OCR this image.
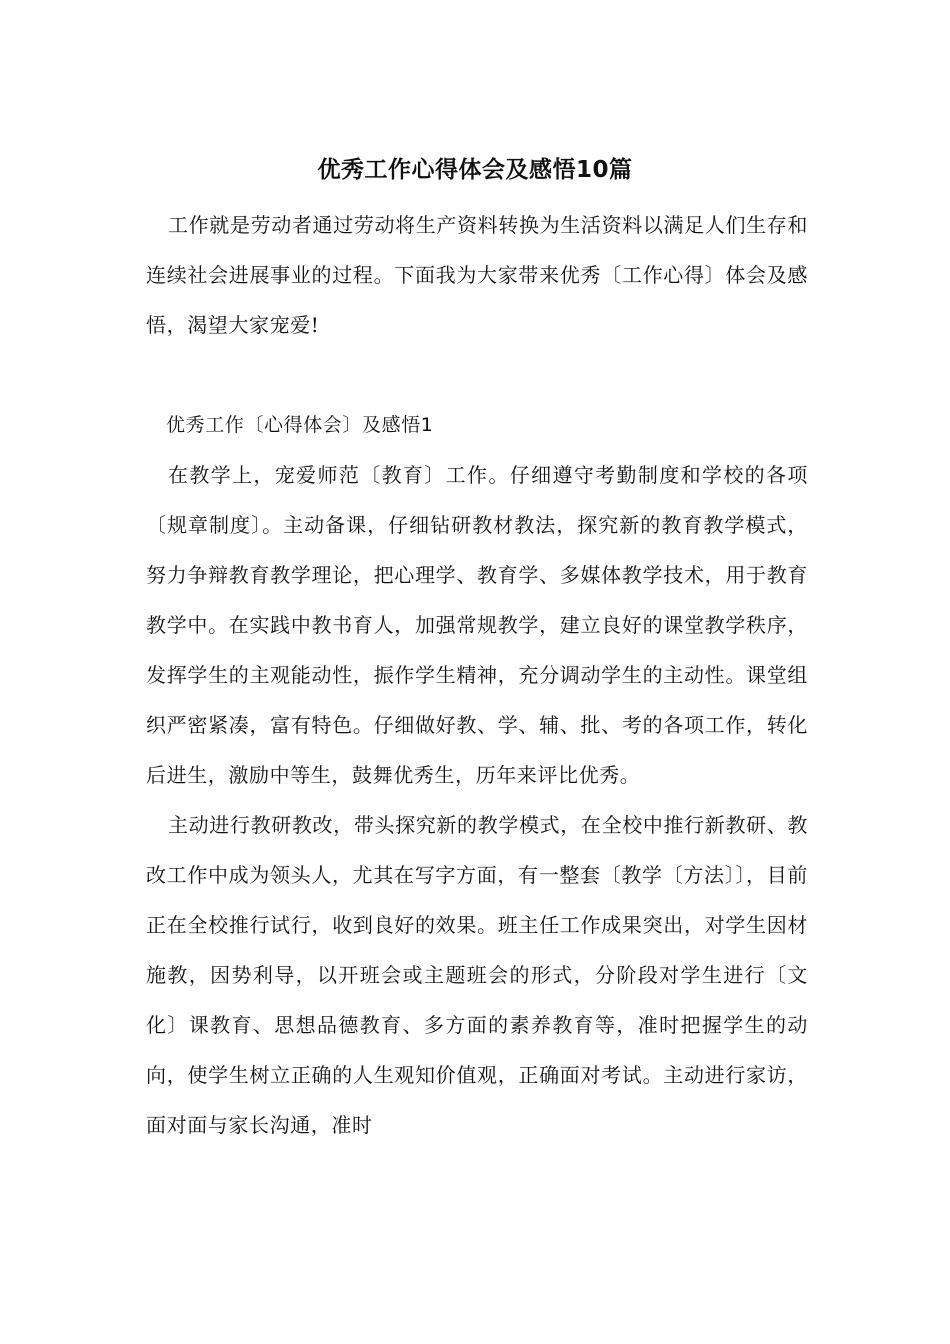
优秀工作心得体会及感悟10篇

工作就是劳动者通过劳动将生产资料转换为生活资料以满足人们生存和连续社会进展事业的过程。下面我为大家带来优秀〔工作心得〕体会及感悟，渴望大家宠爱!

优秀工作〔心得体会〕及感悟1

在教学上，宠爱师范〔教育〕工作。仔细遵守考勤制度和学校的各项〔规章制度〕。主动备课，仔细钻研教材教法，探究新的教育教学模式，努力争辩教育教学理论，把心理学、教育学、多媒体教学技术，用于教育教学中。在实践中教书育人，加强常规教学，建立良好的课堂教学秩序，发挥学生的主观能动性，振作学生精神，充分调动学生的主动性。课堂组织严密紧凑，富有特色。仔细做好教、学、辅、批、考的各项工作，转化后进生，激励中等生，鼓舞优秀生，历年来评比优秀。

主动进行教研教改，带头探究新的教学模式，在全校中推行新教研、教改工作中成为领头人，尤其在写字方面，有一整套〔教学〔方法〕〕，目前正在全校推行试行，收到良好的效果。班主任工作成果突出，对学生因材施教，因势利导，以开班会或主题班会的形式，分阶段对学生进行〔文化〕课教育、思想品德教育、多方面的素养教育等，准时把握学生的动向，使学生树立正确的人生观知价值观，正确面对考试。主动进行家访，面对面与家长沟通，准时
